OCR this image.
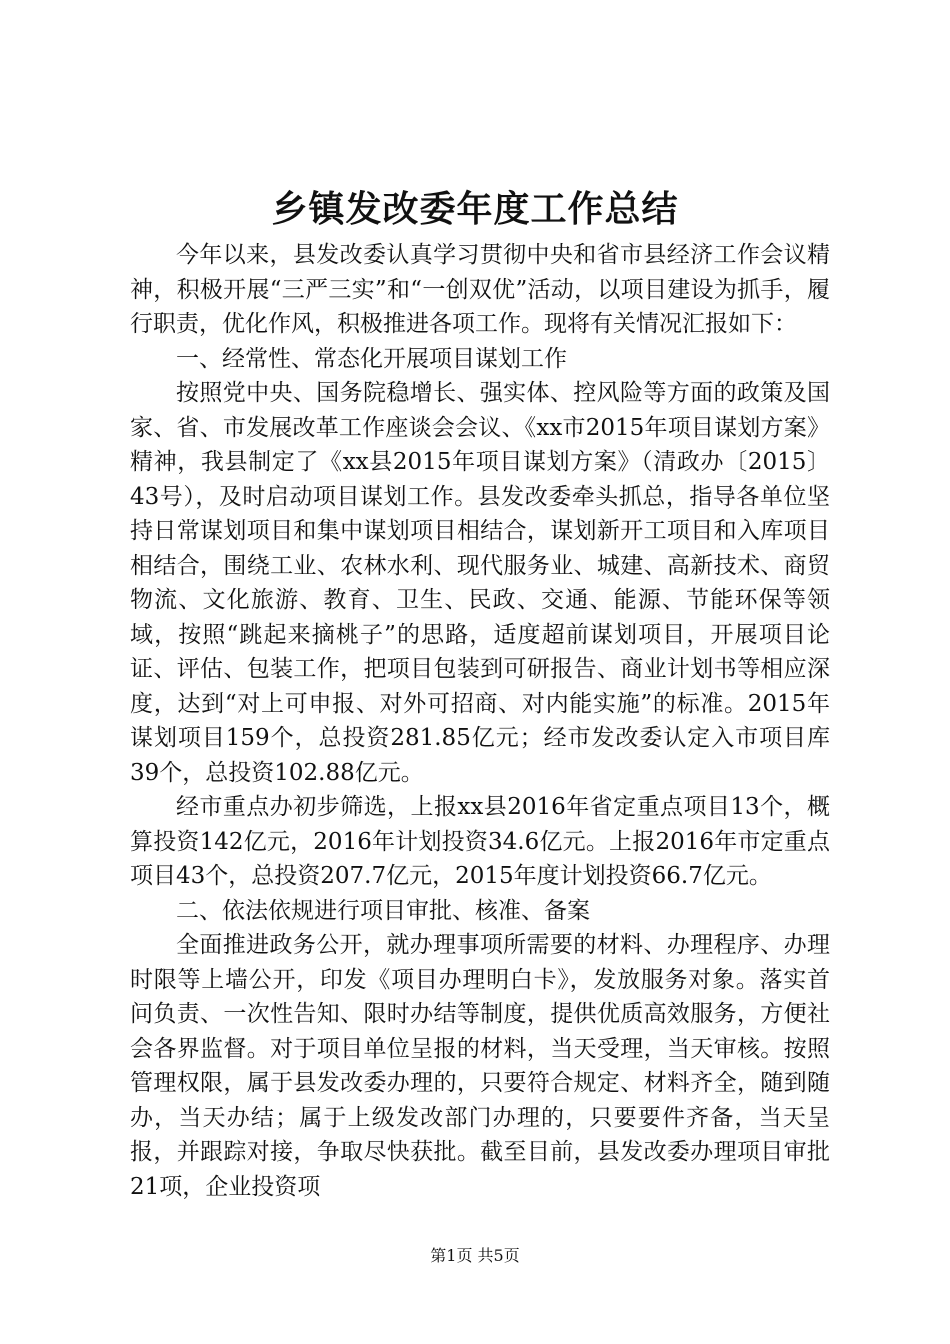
乡镇发改委年度工作总结

今年以来，县发改委认真学习贯彻中央和省市县经济工作会议精神，积极开展“三严三实”和“一创双优”活动，以项目建设为抓手，履行职责，优化作风，积极推进各项工作。现将有关情况汇报如下：

一、经常性、常态化开展项目谋划工作

按照党中央、国务院稳增长、强实体、控风险等方面的政策及国家、省、市发展改革工作座谈会会议、《xx市2015年项目谋划方案》精神，我县制定了《xx县2015年项目谋划方案》（清政办〔2015〕43号），及时启动项目谋划工作。县发改委牵头抓总，指导各单位坚持日常谋划项目和集中谋划项目相结合，谋划新开工项目和入库项目相结合，围绕工业、农林水利、现代服务业、城建、高新技术、商贸物流、文化旅游、教育、卫生、民政、交通、能源、节能环保等领域，按照“跳起来摘桃子”的思路，适度超前谋划项目，开展项目论证、评估、包装工作，把项目包装到可研报告、商业计划书等相应深度，达到“对上可申报、对外可招商、对内能实施”的标准。2015年谋划项目159个，总投资281.85亿元；经市发改委认定入市项目库39个，总投资102.88亿元。

经市重点办初步筛选，上报xx县2016年省定重点项目13个，概算投资142亿元，2016年计划投资34.6亿元。上报2016年市定重点项目43个，总投资207.7亿元，2015年度计划投资66.7亿元。

二、依法依规进行项目审批、核准、备案

全面推进政务公开，就办理事项所需要的材料、办理程序、办理时限等上墙公开，印发《项目办理明白卡》，发放服务对象。落实首问负责、一次性告知、限时办结等制度，提供优质高效服务，方便社会各界监督。对于项目单位呈报的材料，当天受理，当天审核。按照管理权限，属于县发改委办理的，只要符合规定、材料齐全，随到随办，当天办结；属于上级发改部门办理的，只要要件齐备，当天呈报，并跟踪对接，争取尽快获批。截至目前，县发改委办理项目审批21项，企业投资项

第1页 共5页
